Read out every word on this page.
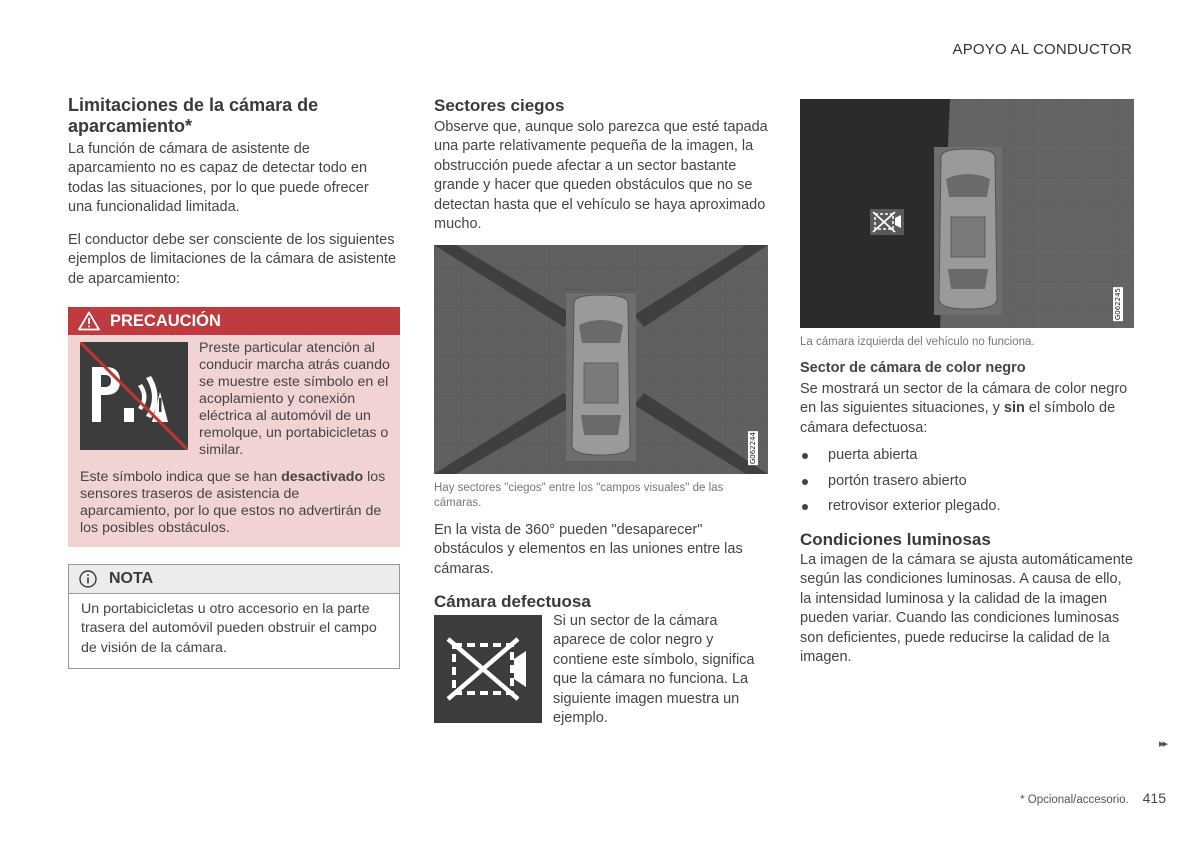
APOYO AL CONDUCTOR
Limitaciones de la cámara de aparcamiento*

La función de cámara de asistente de aparcamiento no es capaz de detectar todo en todas las situaciones, por lo que puede ofrecer una funcionalidad limitada.

El conductor debe ser consciente de los siguientes ejemplos de limitaciones de la cámara de asistente de aparcamiento:

PRECAUCIÓN
Preste particular atención al conducir marcha atrás cuando se muestre este símbolo en el acoplamiento y conexión eléctrica al automóvil de un remolque, un portabicicletas o similar.
Este símbolo indica que se han desactivado los sensores traseros de asistencia de aparcamiento, por lo que estos no advertirán de los posibles obstáculos.
NOTA
Un portabicicletas u otro accesorio en la parte trasera del automóvil pueden obstruir el campo de visión de la cámara.
Sectores ciegos

Observe que, aunque solo parezca que esté tapada una parte relativamente pequeña de la imagen, la obstrucción puede afectar a un sector bastante grande y hacer que queden obstáculos que no se detectan hasta que el vehículo se haya aproximado mucho.

G062244
Hay sectores "ciegos" entre los "campos visuales" de las cámaras.

En la vista de 360° pueden "desaparecer" obstáculos y elementos en las uniones entre las cámaras.

Cámara defectuosa

Si un sector de la cámara aparece de color negro y contiene este símbolo, significa que la cámara no funciona. La siguiente imagen muestra un ejemplo.

G062245
La cámara izquierda del vehículo no funciona.
Sector de cámara de color negro

Se mostrará un sector de la cámara de color negro en las siguientes situaciones, y sin el símbolo de cámara defectuosa:

puerta abierta
portón trasero abierto
retrovisor exterior plegado.
Condiciones luminosas

La imagen de la cámara se ajusta automáticamente según las condiciones luminosas. A causa de ello, la intensidad luminosa y la calidad de la imagen pueden variar. Cuando las condiciones luminosas son deficientes, puede reducirse la calidad de la imagen.

▸▸
* Opcional/accesorio. 415
